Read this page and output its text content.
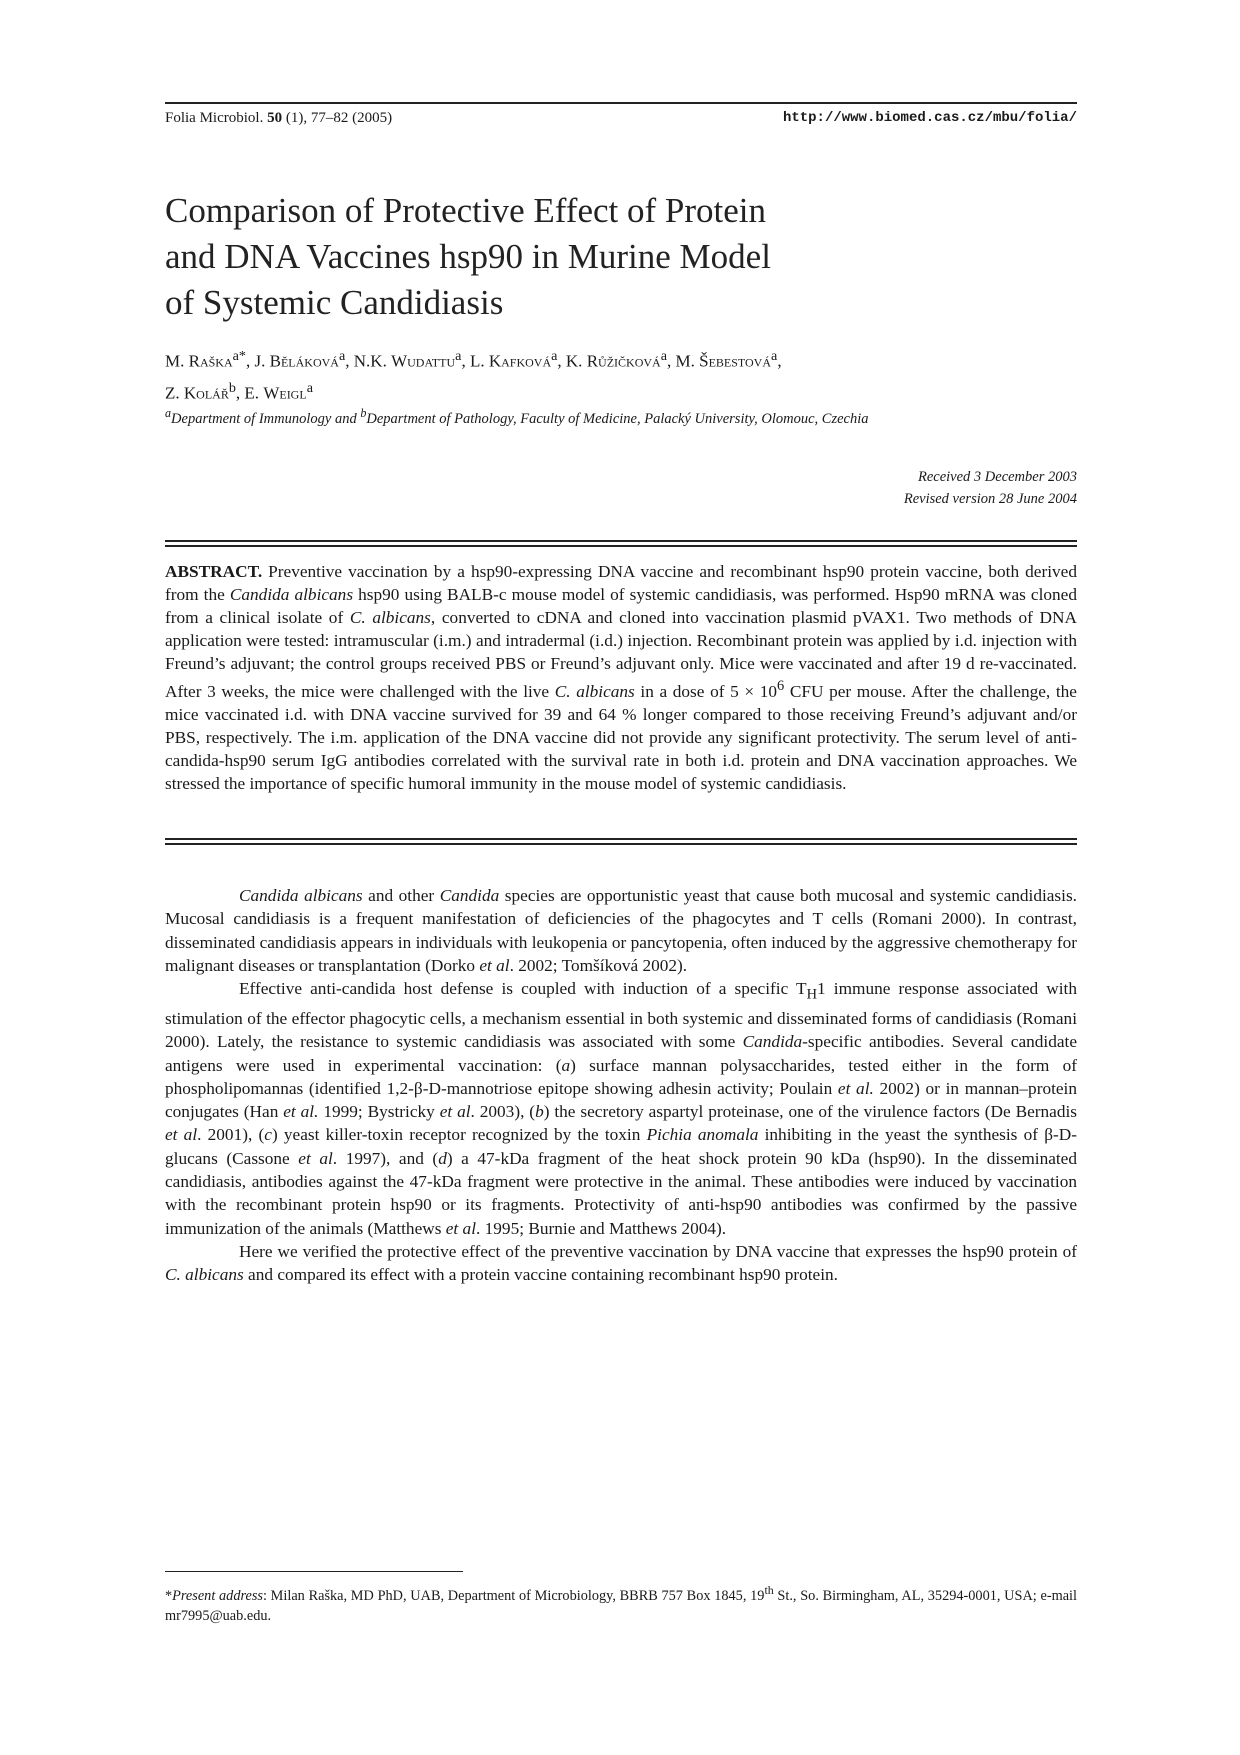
Folia Microbiol. 50 (1), 77–82 (2005)	http://www.biomed.cas.cz/mbu/folia/
Comparison of Protective Effect of Protein
and DNA Vaccines hsp90 in Murine Model
of Systemic Candidiasis
M. Raška$^{a*}$, J. Běláková$^a$, N.K. Wudattu$^a$, L. Kafková$^a$, K. Růžičková$^a$, M. Šebestová$^a$,
Z. Kolář$^b$, E. Weigl$^a$
$^a$Department of Immunology and $^b$Department of Pathology, Faculty of Medicine, Palacký University, Olomouc, Czechia
Received 3 December 2003
Revised version 28 June 2004
ABSTRACT. Preventive vaccination by a hsp90-expressing DNA vaccine and recombinant hsp90 protein vaccine, both derived from the Candida albicans hsp90 using BALB-c mouse model of systemic candidiasis, was performed. Hsp90 mRNA was cloned from a clinical isolate of C. albicans, converted to cDNA and cloned into vaccination plasmid pVAX1. Two methods of DNA application were tested: intramuscular (i.m.) and intradermal (i.d.) injection. Recombinant protein was applied by i.d. injection with Freund’s adjuvant; the control groups received PBS or Freund’s adjuvant only. Mice were vaccinated and after 19 d re-vaccinated. After 3 weeks, the mice were challenged with the live C. albicans in a dose of $5 \times 10^6$ CFU per mouse. After the challenge, the mice vaccinated i.d. with DNA vaccine survived for 39 and 64 % longer compared to those receiving Freund’s adjuvant and/or PBS, respectively. The i.m. application of the DNA vaccine did not provide any significant protectivity. The serum level of anti-candida-hsp90 serum IgG antibodies correlated with the survival rate in both i.d. protein and DNA vaccination approaches. We stressed the importance of specific humoral immunity in the mouse model of systemic candidiasis.

Candida albicans and other Candida species are opportunistic yeast that cause both mucosal and systemic candidiasis. Mucosal candidiasis is a frequent manifestation of deficiencies of the phagocytes and T cells (Romani 2000). In contrast, disseminated candidiasis appears in individuals with leukopenia or pancytopenia, often induced by the aggressive chemotherapy for malignant diseases or transplantation (Dorko et al. 2002; Tomšíková 2002).

Effective anti-candida host defense is coupled with induction of a specific $T_H1$ immune response associated with stimulation of the effector phagocytic cells, a mechanism essential in both systemic and disseminated forms of candidiasis (Romani 2000). Lately, the resistance to systemic candidiasis was associated with some Candida-specific antibodies. Several candidate antigens were used in experimental vaccination: (a) surface mannan polysaccharides, tested either in the form of phospholipomannas (identified 1,2-β-D-mannotriose epitope showing adhesin activity; Poulain et al. 2002) or in mannan–protein conjugates (Han et al. 1999; Bystricky et al. 2003), (b) the secretory aspartyl proteinase, one of the virulence factors (De Bernadis et al. 2001), (c) yeast killer-toxin receptor recognized by the toxin Pichia anomala inhibiting in the yeast the synthesis of β-D-glucans (Cassone et al. 1997), and (d) a 47-kDa fragment of the heat shock protein 90 kDa (hsp90). In the disseminated candidiasis, antibodies against the 47-kDa fragment were protective in the animal. These antibodies were induced by vaccination with the recombinant protein hsp90 or its fragments. Protectivity of anti-hsp90 antibodies was confirmed by the passive immunization of the animals (Matthews et al. 1995; Burnie and Matthews 2004).

Here we verified the protective effect of the preventive vaccination by DNA vaccine that expresses the hsp90 protein of C. albicans and compared its effect with a protein vaccine containing recombinant hsp90 protein.

*Present address: Milan Raška, MD PhD, UAB, Department of Microbiology, BBRB 757 Box 1845, 19th St., So. Birmingham, AL, 35294-0001, USA; e-mail mr7995@uab.edu.
